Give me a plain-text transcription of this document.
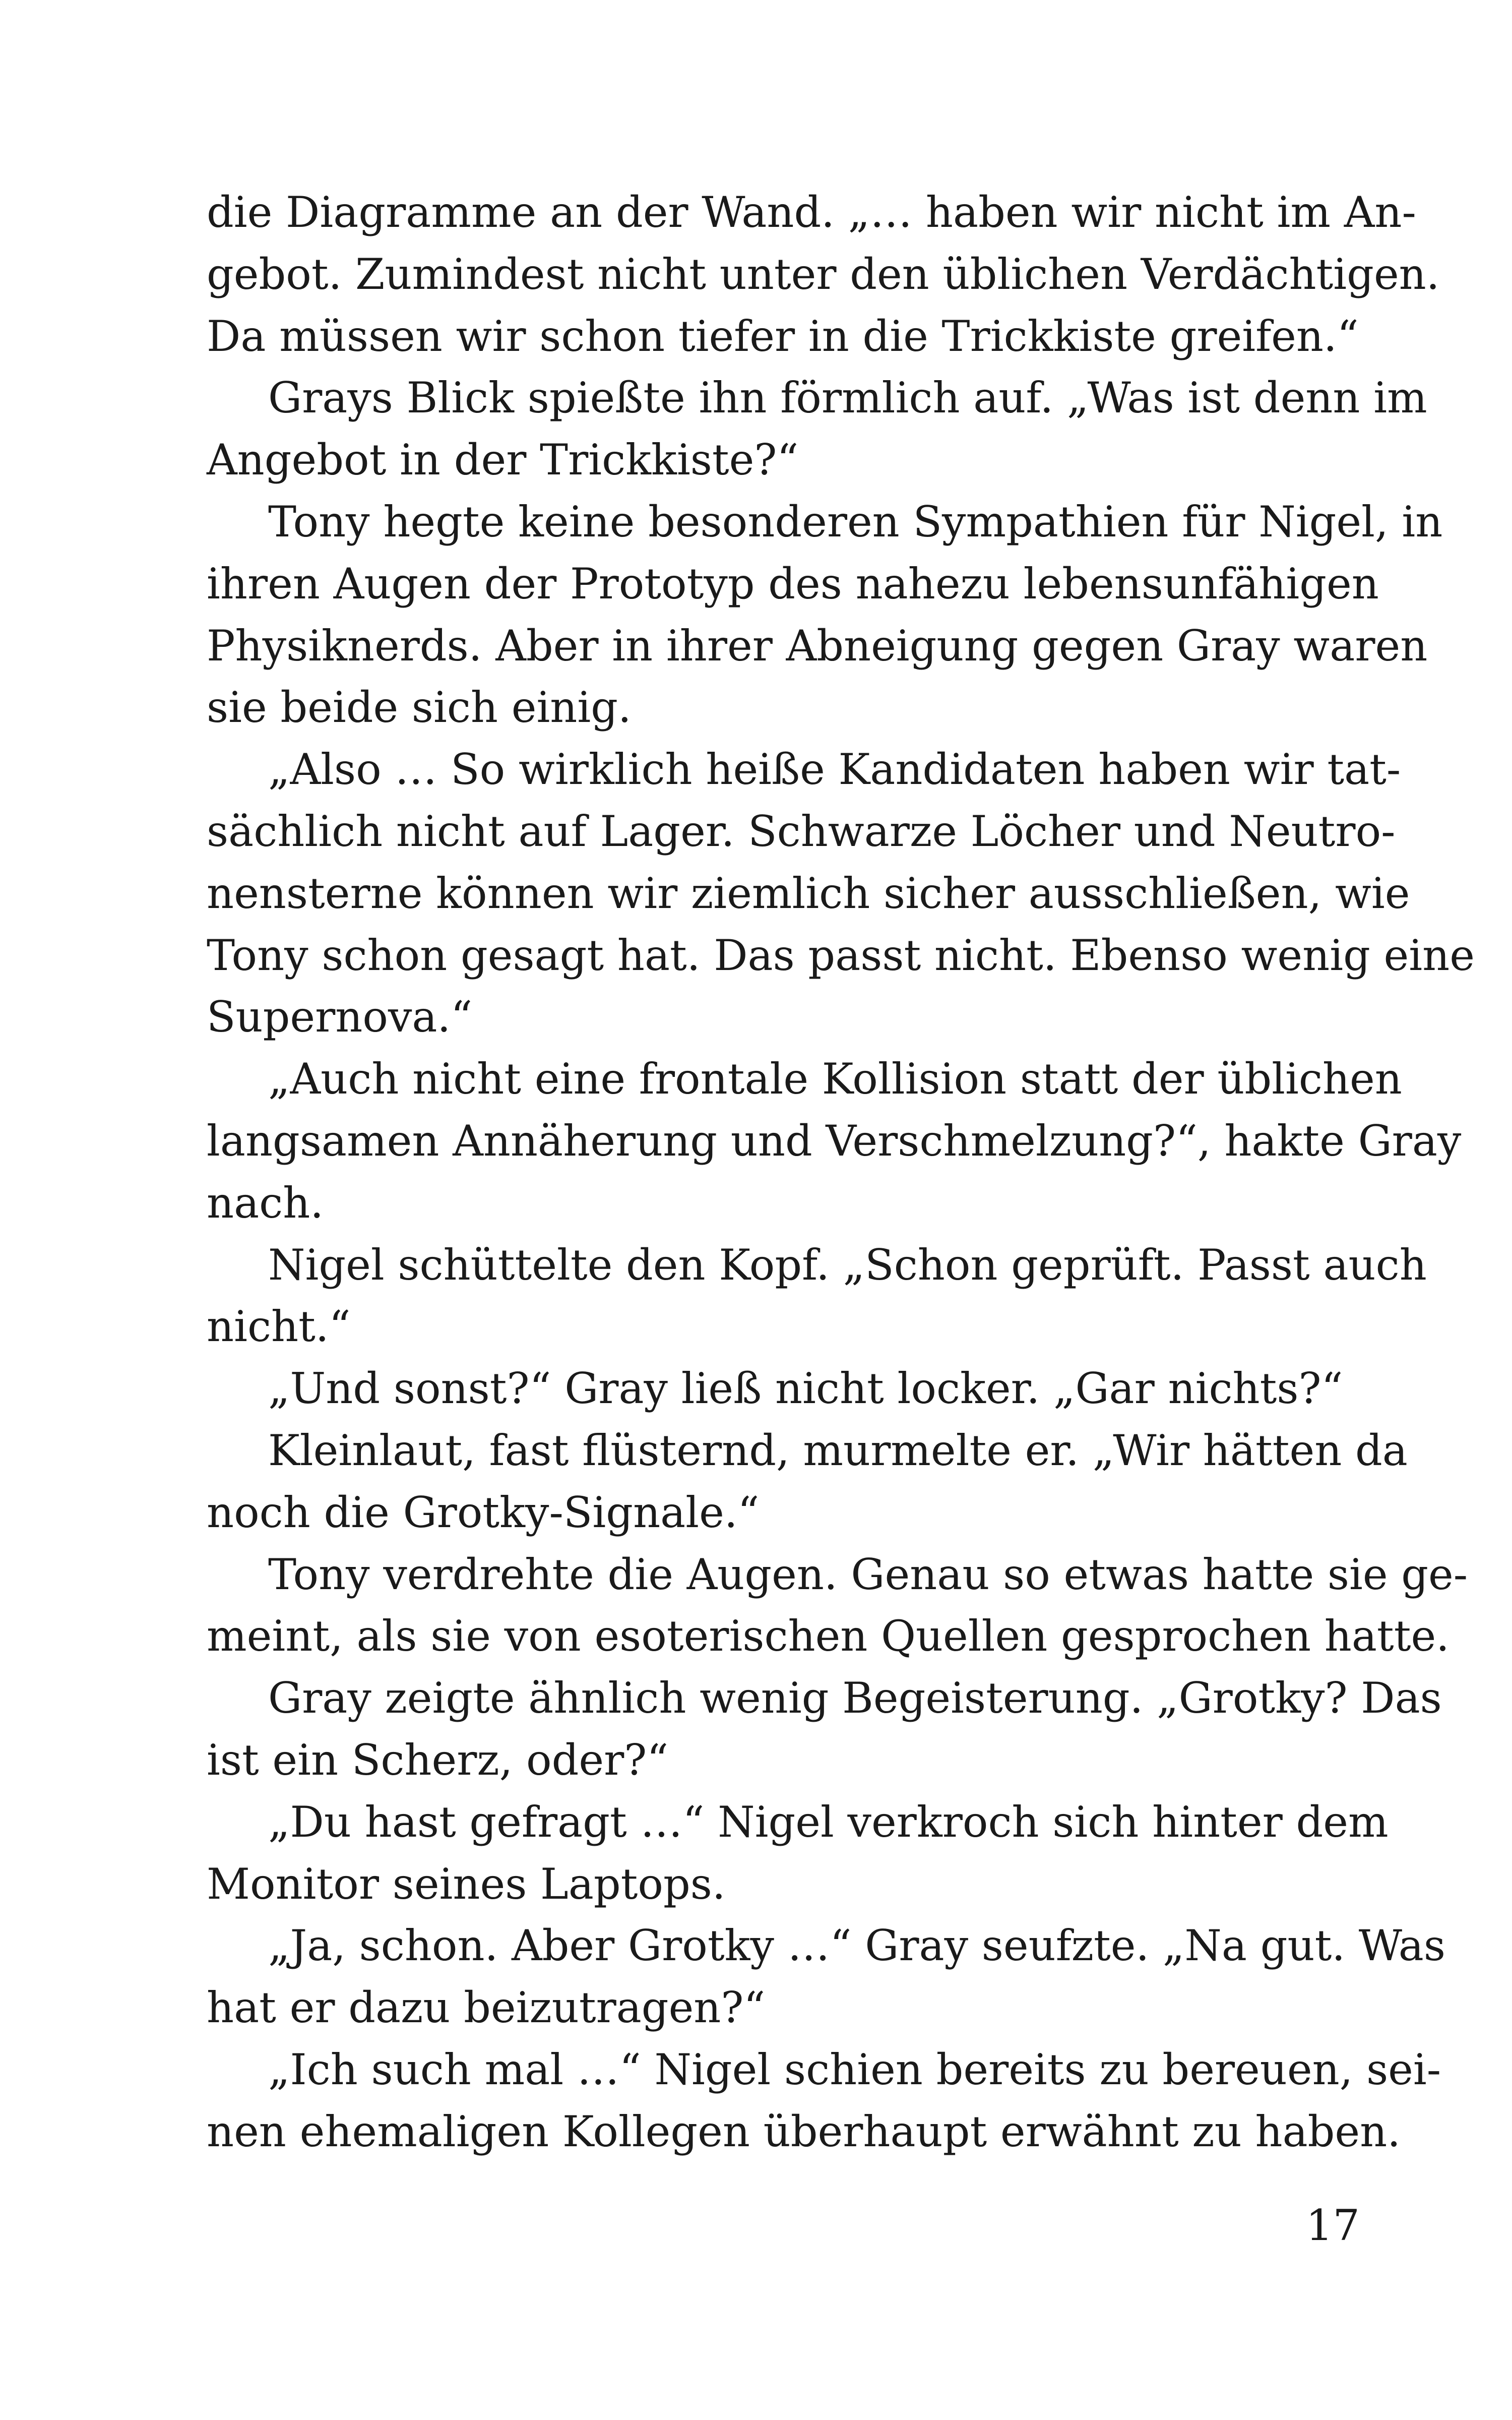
die Diagramme an der Wand. „… haben wir nicht im An-
gebot. Zumindest nicht unter den üblichen Verdächtigen.
Da müssen wir schon tiefer in die Trickkiste greifen.“
Grays Blick spießte ihn förmlich auf. „Was ist denn im
Angebot in der Trickkiste?“
Tony hegte keine besonderen Sympathien für Nigel, in
ihren Augen der Prototyp des nahezu lebensunfähigen
Physiknerds. Aber in ihrer Abneigung gegen Gray waren
sie beide sich einig.
„Also … So wirklich heiße Kandidaten haben wir tat-
sächlich nicht auf Lager. Schwarze Löcher und Neutro-
nensterne können wir ziemlich sicher ausschließen, wie
Tony schon gesagt hat. Das passt nicht. Ebenso wenig eine
Supernova.“
„Auch nicht eine frontale Kollision statt der üblichen
langsamen Annäherung und Verschmelzung?“, hakte Gray
nach.
Nigel schüttelte den Kopf. „Schon geprüft. Passt auch
nicht.“
„Und sonst?“ Gray ließ nicht locker. „Gar nichts?“
Kleinlaut, fast flüsternd, murmelte er. „Wir hätten da
noch die Grotky-Signale.“
Tony verdrehte die Augen. Genau so etwas hatte sie ge-
meint, als sie von esoterischen Quellen gesprochen hatte.
Gray zeigte ähnlich wenig Begeisterung. „Grotky? Das
ist ein Scherz, oder?“
„Du hast gefragt …“ Nigel verkroch sich hinter dem
Monitor seines Laptops.
„Ja, schon. Aber Grotky …“ Gray seufzte. „Na gut. Was
hat er dazu beizutragen?“
„Ich such mal …“ Nigel schien bereits zu bereuen, sei-
nen ehemaligen Kollegen überhaupt erwähnt zu haben.
17
